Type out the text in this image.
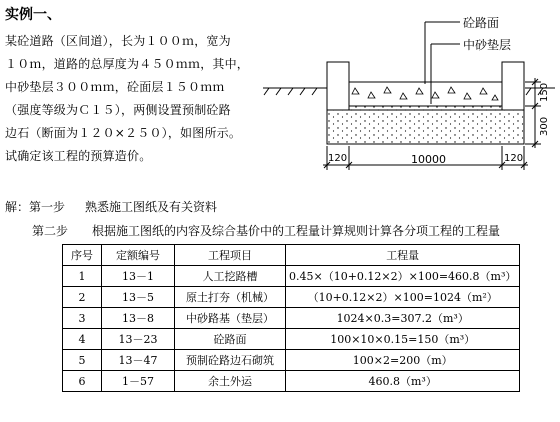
实例一、
某砼道路（区间道），长为１００ｍ，宽为
１０ｍ，道路的总厚度为４５０ｍｍ，其中，
中砂垫层３００ｍｍ，砼面层１５０ｍｍ
（强度等级为Ｃ１５），两侧设置预制砼路
边石（断面为１２０×２５０），如图所示。
试确定该工程的预算造价。
砼路面
中砂垫层
150
300
120	10000	120
解：第一步 熟悉施工图纸及有关资料
第二步 根据施工图纸的内容及综合基价中的工程量计算规则计算各分项工程的工程量
序号	定额编号	工程项目	工程量
1	13－1	人工挖路槽	0.45×（10+0.12×2）×100=460.8（m³）
2	13－5	原土打夯（机械）	（10+0.12×2）×100=1024（m²）
3	13－8	中砂路基（垫层）	1024×0.3=307.2（m³）
4	13－23	砼路面	100×10×0.15=150（m³）
5	13－47	预制砼路边石砌筑	100×2=200（m）
6	1－57	余土外运	460.8（m³）
